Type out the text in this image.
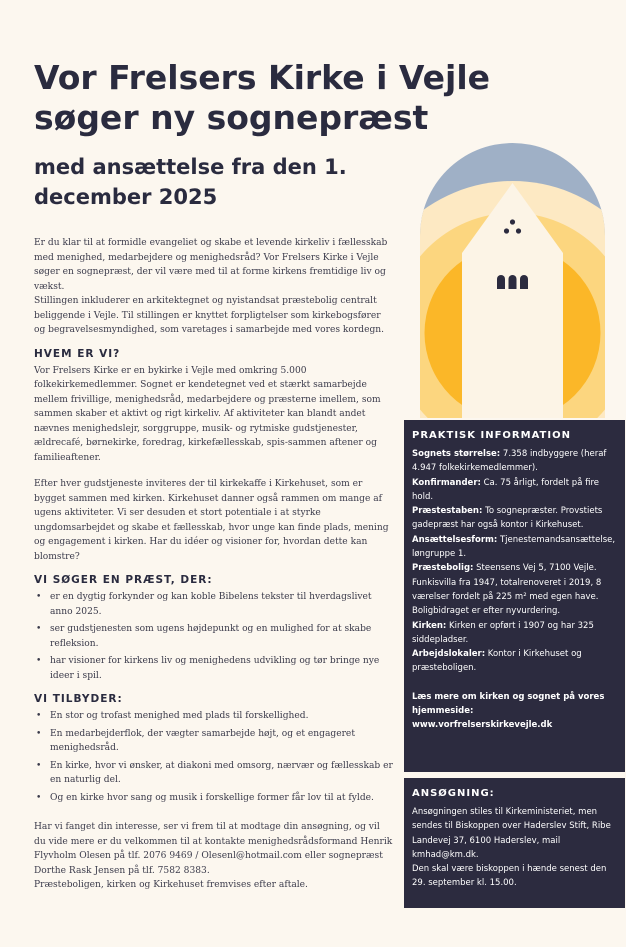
Vor Frelsers Kirke i Vejle søger ny sognepræst
med ansættelse fra den 1. december 2025

Er du klar til at formidle evangeliet og skabe et levende kirkeliv i fællesskab med menighed, medarbejdere og menighedsråd? Vor Frelsers Kirke i Vejle søger en sognepræst, der vil være med til at forme kirkens fremtidige liv og vækst.

Stillingen inkluderer en arkitektegnet og nyistandsat præstebolig centralt beliggende i Vejle. Til stillingen er knyttet forpligtelser som kirkebogsfører og begravelsesmyndighed, som varetages i samarbejde med vores kordegn.

HVEM ER VI?

Vor Frelsers Kirke er en bykirke i Vejle med omkring 5.000 folkekirkemedlemmer. Sognet er kendetegnet ved et stærkt samarbejde mellem frivillige, menighedsråd, medarbejdere og præsterne imellem, som sammen skaber et aktivt og rigt kirkeliv. Af aktiviteter kan blandt andet nævnes menighedslejr, sorggruppe, musik- og rytmiske gudstjenester, ældrecafé, børnekirke, foredrag, kirkefællesskab, spis-sammen aftener og familieaftener.

Efter hver gudstjeneste inviteres der til kirkekaffe i Kirkehuset, som er bygget sammen med kirken. Kirkehuset danner også rammen om mange af ugens aktiviteter. Vi ser desuden et stort potentiale i at styrke ungdomsarbejdet og skabe et fællesskab, hvor unge kan finde plads, mening og engagement i kirken. Har du idéer og visioner for, hvordan dette kan blomstre?

VI SØGER EN PRÆST, DER:
• er en dygtig forkynder og kan koble Bibelens tekster til hverdagslivet anno 2025.
• ser gudstjenesten som ugens højdepunkt og en mulighed for at skabe refleksion.
• har visioner for kirkens liv og menighedens udvikling og tør bringe nye ideer i spil.
VI TILBYDER:
• En stor og trofast menighed med plads til forskellighed.
• En medarbejderflok, der vægter samarbejde højt, og et engageret menighedsråd.
• En kirke, hvor vi ønsker, at diakoni med omsorg, nærvær og fællesskab er en naturlig del.
• Og en kirke hvor sang og musik i forskellige former får lov til at fylde.

Har vi fanget din interesse, ser vi frem til at modtage din ansøgning, og vil du vide mere er du velkommen til at kontakte menighedsrådsformand Henrik Flyvholm Olesen på tlf. 2076 9469 / Olesenl@hotmail.com eller sognepræst Dorthe Rask Jensen på tlf. 7582 8383.

Præsteboligen, kirken og Kirkehuset fremvises efter aftale.

PRAKTISK INFORMATION

Sognets størrelse: 7.358 indbyggere (heraf 4.947 folkekirkemedlemmer).

Konfirmander: Ca. 75 årligt, fordelt på fire hold.

Præstestaben: To sognepræster. Provstiets gadepræst har også kontor i Kirkehuset.

Ansættelsesform: Tjenestemandsansættelse, løngruppe 1.

Præstebolig: Steensens Vej 5, 7100 Vejle. Funkisvilla fra 1947, totalrenoveret i 2019, 8 værelser fordelt på 225 m² med egen have. Boligbidraget er efter nyvurdering.

Kirken: Kirken er opført i 1907 og har 325 siddepladser.

Arbejdslokaler: Kontor i Kirkehuset og præsteboligen.

Læs mere om kirken og sognet på vores hjemmeside:

www.vorfrelserskirkevejle.dk

ANSØGNING:

Ansøgningen stiles til Kirkeministeriet, men sendes til Biskoppen over Haderslev Stift, Ribe Landevej 37, 6100 Haderslev, mail kmhad@km.dk.

Den skal være biskoppen i hænde senest den 29. september kl. 15.00.
